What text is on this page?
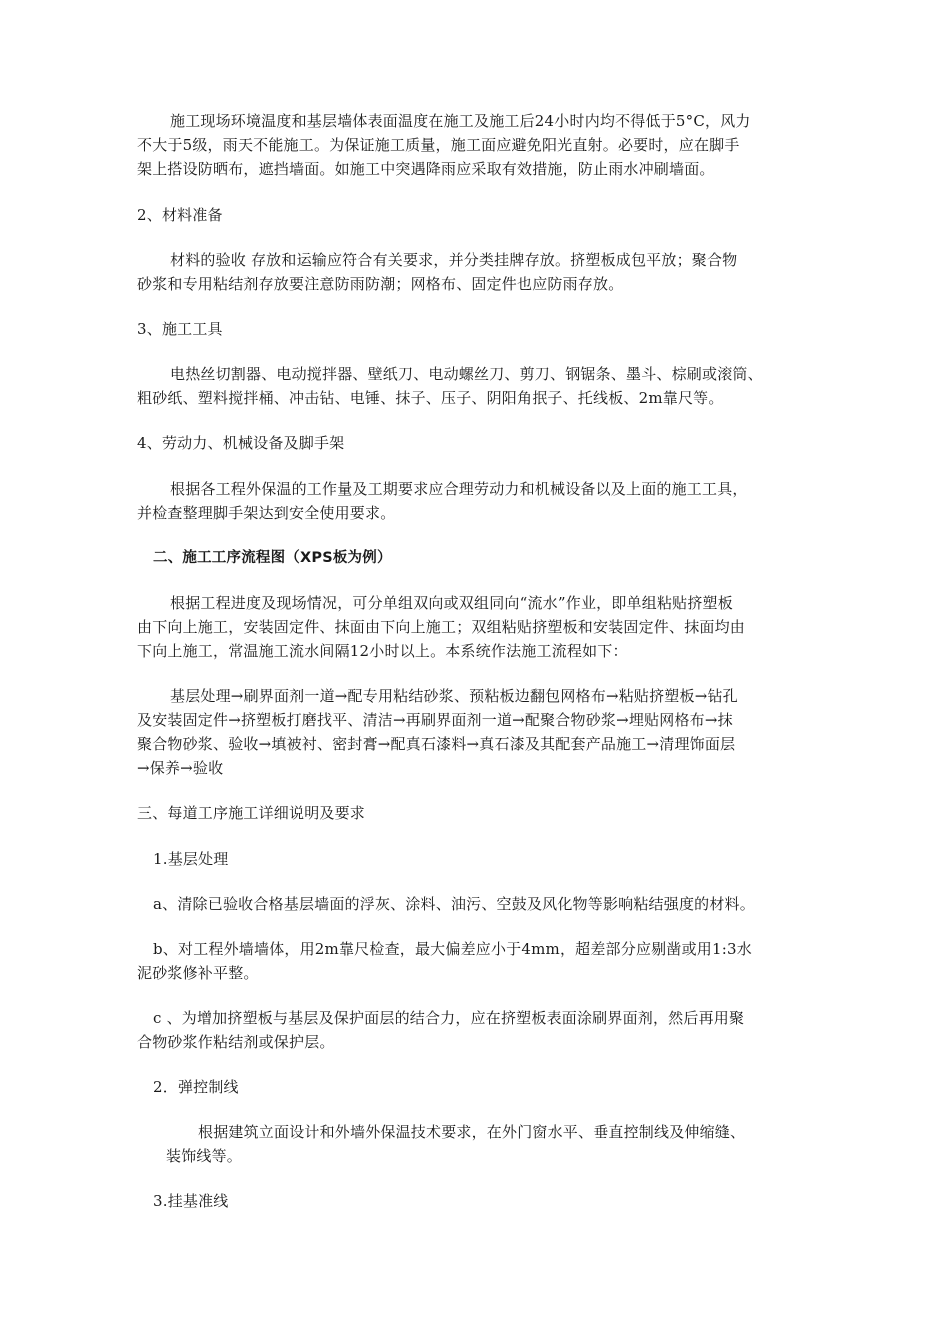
施工现场环境温度和基层墙体表面温度在施工及施工后24小时内均不得低于5°C，风力
不大于5级，雨天不能施工。为保证施工质量，施工面应避免阳光直射。必要时，应在脚手
架上搭设防晒布，遮挡墙面。如施工中突遇降雨应采取有效措施，防止雨水冲刷墙面。
2、材料准备
材料的验收 存放和运输应符合有关要求，并分类挂牌存放。挤塑板成包平放；聚合物
砂浆和专用粘结剂存放要注意防雨防潮；网格布、固定件也应防雨存放。
3、施工工具
电热丝切割器、电动搅拌器、壁纸刀、电动螺丝刀、剪刀、钢锯条、墨斗、棕刷或滚筒、
粗砂纸、塑料搅拌桶、冲击钻、电锤、抹子、压子、阴阳角抿子、托线板、2m靠尺等。
4、劳动力、机械设备及脚手架
根据各工程外保温的工作量及工期要求应合理劳动力和机械设备以及上面的施工工具，
并检查整理脚手架达到安全使用要求。
二、施工工序流程图（XPS板为例）
根据工程进度及现场情况，可分单组双向或双组同向“流水”作业，即单组粘贴挤塑板
由下向上施工，安装固定件、抹面由下向上施工；双组粘贴挤塑板和安装固定件、抹面均由
下向上施工，常温施工流水间隔12小时以上。本系统作法施工流程如下：
基层处理→刷界面剂一道→配专用粘结砂浆、预粘板边翻包网格布→粘贴挤塑板→钻孔
及安装固定件→挤塑板打磨找平、清洁→再刷界面剂一道→配聚合物砂浆→埋贴网格布→抹
聚合物砂浆、验收→填被衬、密封膏→配真石漆料→真石漆及其配套产品施工→清理饰面层
→保养→验收
三、每道工序施工详细说明及要求
1.基层处理
a、清除已验收合格基层墙面的浮灰、涂料、油污、空鼓及风化物等影响粘结强度的材料。
b、对工程外墙墙体，用2m靠尺检查，最大偏差应小于4mm，超差部分应剔凿或用1:3水
泥砂浆修补平整。
c 、为增加挤塑板与基层及保护面层的结合力，应在挤塑板表面涂刷界面剂，然后再用聚
合物砂浆作粘结剂或保护层。
2．弹控制线
根据建筑立面设计和外墙外保温技术要求，在外门窗水平、垂直控制线及伸缩缝、
装饰线等。
3.挂基准线
